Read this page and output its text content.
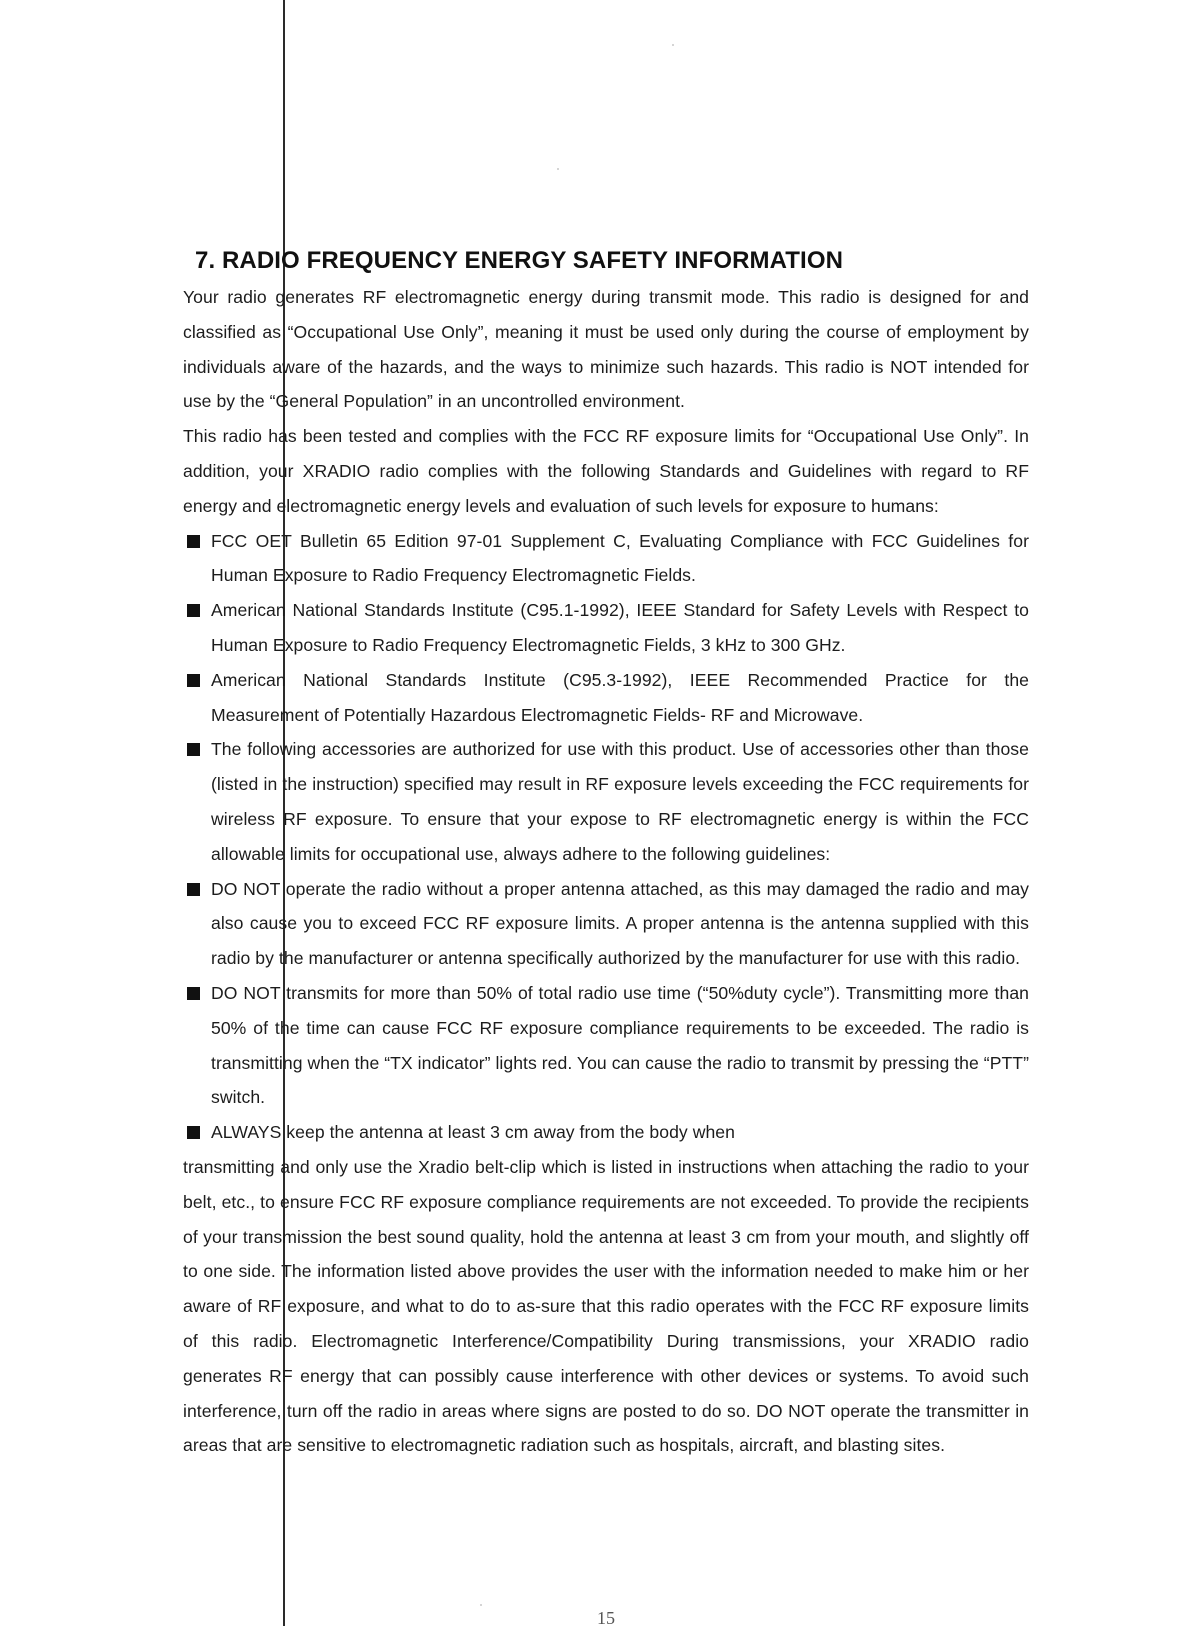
7. RADIO FREQUENCY ENERGY SAFETY INFORMATION

Your radio generates RF electromagnetic energy during transmit mode. This radio is designed for and classified as “Occupational Use Only”, meaning it must be used only during the course of employment by individuals aware of the hazards, and the ways to minimize such hazards. This radio is NOT intended for use by the “General Population” in an uncontrolled environment.

This radio has been tested and complies with the FCC RF exposure limits for “Occupational Use Only”. In addition, your XRADIO radio complies with the following Standards and Guidelines with regard to RF energy and electromagnetic energy levels and evaluation of such levels for exposure to humans:

FCC OET Bulletin 65 Edition 97-01 Supplement C, Evaluating Compliance with FCC Guidelines for Human Exposure to Radio Frequency Electromagnetic Fields.

American National Standards Institute (C95.1-1992), IEEE Standard for Safety Levels with Respect to Human Exposure to Radio Frequency Electromagnetic Fields, 3 kHz to 300 GHz.

American National Standards Institute (C95.3-1992), IEEE Recommended Practice for the Measurement of Potentially Hazardous Electromagnetic Fields- RF and Microwave.

The following accessories are authorized for use with this product. Use of accessories other than those (listed in the instruction) specified may result in RF exposure levels exceeding the FCC requirements for wireless RF exposure. To ensure that your expose to RF electromagnetic energy is within the FCC allowable limits for occupational use, always adhere to the following guidelines:

DO NOT operate the radio without a proper antenna attached, as this may damaged the radio and may also cause you to exceed FCC RF exposure limits. A proper antenna is the antenna supplied with this radio by the manufacturer or antenna specifically authorized by the manufacturer for use with this radio.

DO NOT transmits for more than 50% of total radio use time (“50%duty cycle”). Transmitting more than 50% of the time can cause FCC RF exposure compliance requirements to be exceeded. The radio is transmitting when the “TX indicator” lights red. You can cause the radio to transmit by pressing the “PTT” switch.

ALWAYS keep the antenna at least 3 cm away from the body when

transmitting and only use the Xradio belt-clip which is listed in instructions when attaching the radio to your belt, etc., to ensure FCC RF exposure compliance requirements are not exceeded. To provide the recipients of your transmission the best sound quality, hold the antenna at least 3 cm from your mouth, and slightly off to one side. The information listed above provides the user with the information needed to make him or her aware of RF exposure, and what to do to as-sure that this radio operates with the FCC RF exposure limits of this radio. Electromagnetic Interference/Compatibility During transmissions, your XRADIO radio generates RF energy that can possibly cause interference with other devices or systems. To avoid such interference, turn off the radio in areas where signs are posted to do so. DO NOT operate the transmitter in areas that are sensitive to electromagnetic radiation such as hospitals, aircraft, and blasting sites.

15
